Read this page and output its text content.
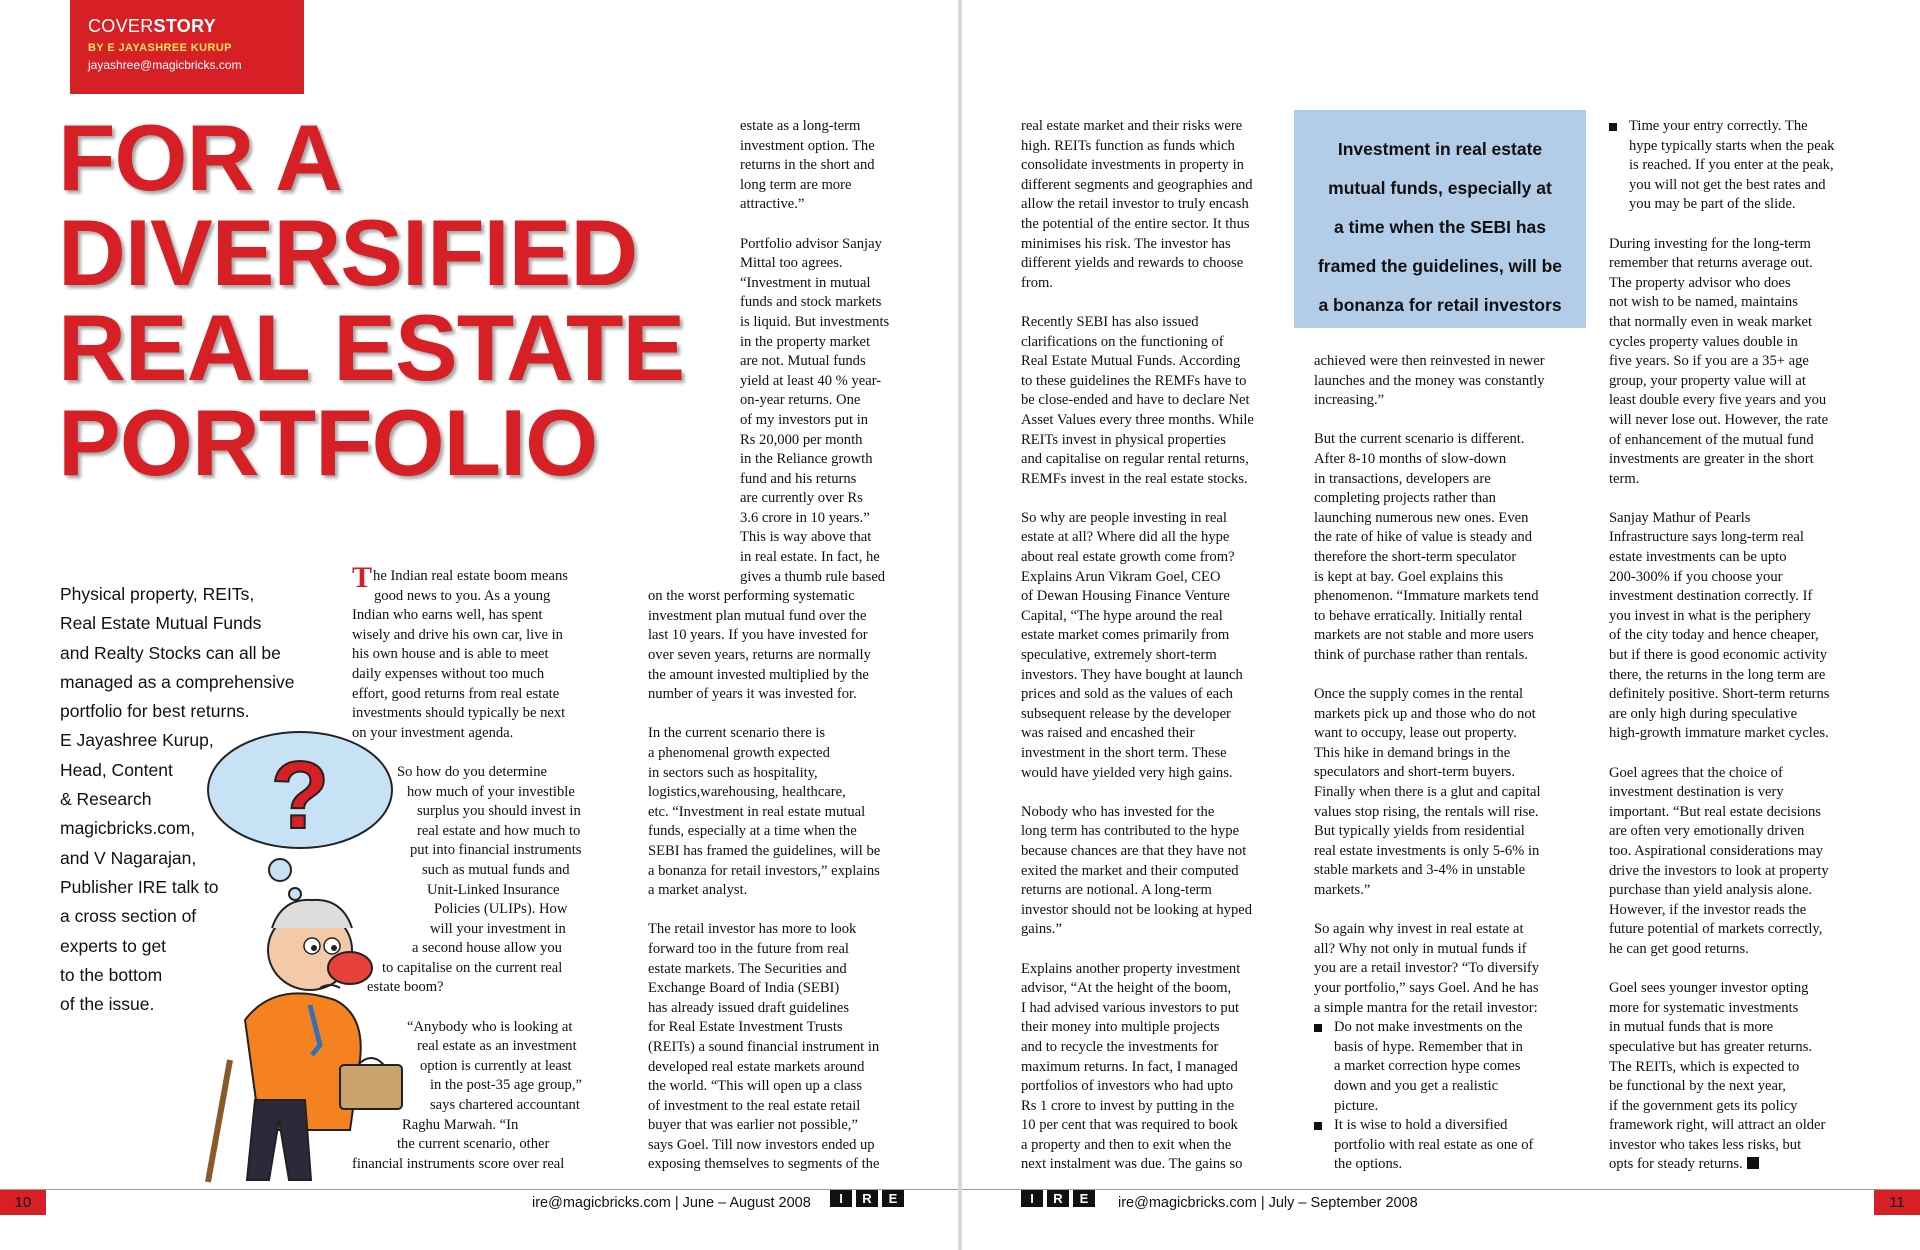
COVERSTORY
BY E JAYASHREE KURUP
jayashree@magicbricks.com
FOR A
DIVERSIFIED
REAL ESTATE
PORTFOLIO
Physical property, REITs,
Real Estate Mutual Funds
and Realty Stocks can all be
managed as a comprehensive
portfolio for best returns.
E Jayashree Kurup,
Head, Content
& Research
magicbricks.com,
and V Nagarajan,
Publisher IRE talk to
a cross section of
experts to get
to the bottom
of the issue.
?

The Indian real estate boom means
good news to you. As a young
Indian who earns well, has spent
wisely and drive his own car, live in
his own house and is able to meet
daily expenses without too much
effort, good returns from real estate
investments should typically be next
on your investment agenda.

So how do you determine
how much of your investible
surplus you should invest in
real estate and how much to
put into financial instruments
such as mutual funds and
Unit-Linked Insurance
Policies (ULIPs). How
will your investment in
a second house allow you
to capitalise on the current real
estate boom?

“Anybody who is looking at
real estate as an investment
option is currently at least
in the post-35 age group,”
says chartered accountant
Raghu Marwah. “In
the current scenario, other
financial instruments score over real

estate as a long-term
investment option. The
returns in the short and
long term are more
attractive.”

Portfolio advisor Sanjay
Mittal too agrees.
“Investment in mutual
funds and stock markets
is liquid. But investments
in the property market
are not. Mutual funds
yield at least 40 % year-
on-year returns. One
of my investors put in
Rs 20,000 per month
in the Reliance growth
fund and his returns
are currently over Rs
3.6 crore in 10 years.”
This is way above that
in real estate. In fact, he
gives a thumb rule based
on the worst performing systematic
investment plan mutual fund over the
last 10 years. If you have invested for
over seven years, returns are normally
the amount invested multiplied by the
number of years it was invested for.

In the current scenario there is
a phenomenal growth expected
in sectors such as hospitality,
logistics,warehousing, healthcare,
etc. “Investment in real estate mutual
funds, especially at a time when the
SEBI has framed the guidelines, will be
a bonanza for retail investors,” explains
a market analyst.

The retail investor has more to look
forward too in the future from real
estate markets. The Securities and
Exchange Board of India (SEBI)
has already issued draft guidelines
for Real Estate Investment Trusts
(REITs) a sound financial instrument in
developed real estate markets around
the world. “This will open up a class
of investment to the real estate retail
buyer that was earlier not possible,”
says Goel. Till now investors ended up
exposing themselves to segments of the

10	ire@magicbricks.com | June – August 2008	I	R	E

real estate market and their risks were
high. REITs function as funds which
consolidate investments in property in
different segments and geographies and
allow the retail investor to truly encash
the potential of the entire sector. It thus
minimises his risk. The investor has
different yields and rewards to choose
from.

Recently SEBI has also issued
clarifications on the functioning of
Real Estate Mutual Funds. According
to these guidelines the REMFs have to
be close-ended and have to declare Net
Asset Values every three months. While
REITs invest in physical properties
and capitalise on regular rental returns,
REMFs invest in the real estate stocks.

So why are people investing in real
estate at all? Where did all the hype
about real estate growth come from?
Explains Arun Vikram Goel, CEO
of Dewan Housing Finance Venture
Capital, “The hype around the real
estate market comes primarily from
speculative, extremely short-term
investors. They have bought at launch
prices and sold as the values of each
subsequent release by the developer
was raised and encashed their
investment in the short term. These
would have yielded very high gains.

Nobody who has invested for the
long term has contributed to the hype
because chances are that they have not
exited the market and their computed
returns are notional. A long-term
investor should not be looking at hyped
gains.”

Explains another property investment
advisor, “At the height of the boom,
I had advised various investors to put
their money into multiple projects
and to recycle the investments for
maximum returns. In fact, I managed
portfolios of investors who had upto
Rs 1 crore to invest by putting in the
10 per cent that was required to book
a property and then to exit when the
next instalment was due. The gains so

Investment in real estate
mutual funds, especially at
a time when the SEBI has
framed the guidelines, will be
a bonanza for retail investors

achieved were then reinvested in newer
launches and the money was constantly
increasing.”

But the current scenario is different.
After 8-10 months of slow-down
in transactions, developers are
completing projects rather than
launching numerous new ones. Even
the rate of hike of value is steady and
therefore the short-term speculator
is kept at bay. Goel explains this
phenomenon. “Immature markets tend
to behave erratically. Initially rental
markets are not stable and more users
think of purchase rather than rentals.

Once the supply comes in the rental
markets pick up and those who do not
want to occupy, lease out property.
This hike in demand brings in the
speculators and short-term buyers.
Finally when there is a glut and capital
values stop rising, the rentals will rise.
But typically yields from residential
real estate investments is only 5-6% in
stable markets and 3-4% in unstable
markets.”

So again why invest in real estate at
all? Why not only in mutual funds if
you are a retail investor? “To diversify
your portfolio,” says Goel. And he has
a simple mantra for the retail investor:

Do not make investments on the
basis of hype. Remember that in
a market correction hype comes
down and you get a realistic
picture.
It is wise to hold a diversified
portfolio with real estate as one of
the options.
Time your entry correctly. The
hype typically starts when the peak
is reached. If you enter at the peak,
you will not get the best rates and
you may be part of the slide.

During investing for the long-term
remember that returns average out.
The property advisor who does
not wish to be named, maintains
that normally even in weak market
cycles property values double in
five years. So if you are a 35+ age
group, your property value will at
least double every five years and you
will never lose out. However, the rate
of enhancement of the mutual fund
investments are greater in the short
term.

Sanjay Mathur of Pearls
Infrastructure says long-term real
estate investments can be upto
200-300% if you choose your
investment destination correctly. If
you invest in what is the periphery
of the city today and hence cheaper,
but if there is good economic activity
there, the returns in the long term are
definitely positive. Short-term returns
are only high during speculative
high-growth immature market cycles.

Goel agrees that the choice of
investment destination is very
important. “But real estate decisions
are often very emotionally driven
too. Aspirational considerations may
drive the investors to look at property
purchase than yield analysis alone.
However, if the investor reads the
future potential of markets correctly,
he can get good returns.

Goel sees younger investor opting
more for systematic investments
in mutual funds that is more
speculative but has greater returns.
The REITs, which is expected to
be functional by the next year,
if the government gets its policy
framework right, will attract an older
investor who takes less risks, but
opts for steady returns.

I	R	E	ire@magicbricks.com | July – September 2008	11
